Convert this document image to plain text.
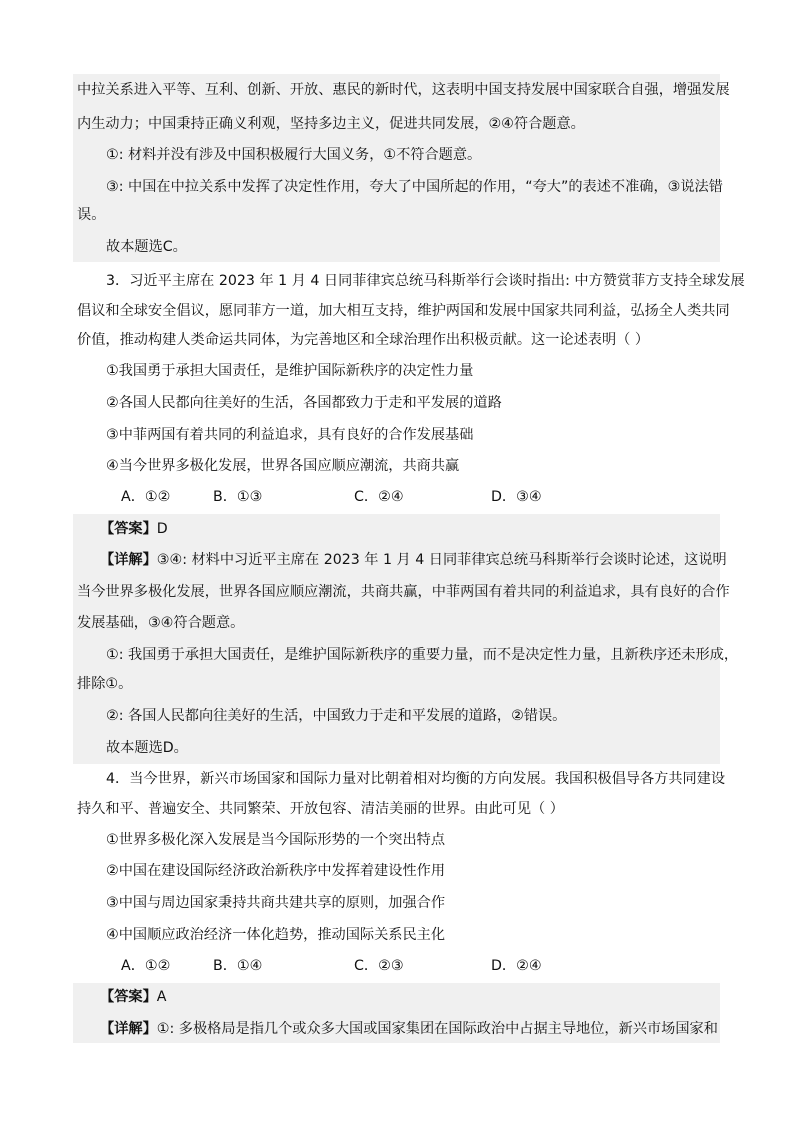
中拉关系进入平等、互利、创新、开放、惠民的新时代，这表明中国支持发展中国家联合自强，增强发展
内生动力；中国秉持正确义利观，坚持多边主义，促进共同发展，②④符合题意。
①: 材料并没有涉及中国积极履行大国义务，①不符合题意。
③: 中国在中拉关系中发挥了决定性作用，夸大了中国所起的作用，“夸大”的表述不准确，③说法错
误。
故本题选C。
3．习近平主席在 2023 年 1 月 4 日同菲律宾总统马科斯举行会谈时指出: 中方赞赏菲方支持全球发展
倡议和全球安全倡议，愿同菲方一道，加大相互支持，维护两国和发展中国家共同利益，弘扬全人类共同
价值，推动构建人类命运共同体，为完善地区和全球治理作出积极贡献。这一论述表明（ ）
①我国勇于承担大国责任，是维护国际新秩序的决定性力量
②各国人民都向往美好的生活，各国都致力于走和平发展的道路
③中菲两国有着共同的利益追求，具有良好的合作发展基础
④当今世界多极化发展，世界各国应顺应潮流，共商共赢
A．①②	B．①③	C．②④	D．③④
【答案】D
【详解】③④: 材料中习近平主席在 2023 年 1 月 4 日同菲律宾总统马科斯举行会谈时论述，这说明
当今世界多极化发展，世界各国应顺应潮流，共商共赢，中菲两国有着共同的利益追求，具有良好的合作
发展基础，③④符合题意。
①: 我国勇于承担大国责任，是维护国际新秩序的重要力量，而不是决定性力量，且新秩序还未形成，
排除①。
②: 各国人民都向往美好的生活，中国致力于走和平发展的道路，②错误。
故本题选D。
4．当今世界，新兴市场国家和国际力量对比朝着相对均衡的方向发展。我国积极倡导各方共同建设
持久和平、普遍安全、共同繁荣、开放包容、清洁美丽的世界。由此可见（ ）
①世界多极化深入发展是当今国际形势的一个突出特点
②中国在建设国际经济政治新秩序中发挥着建设性作用
③中国与周边国家秉持共商共建共享的原则，加强合作
④中国顺应政治经济一体化趋势，推动国际关系民主化
A．①②	B．①④	C．②③	D．②④
【答案】A
【详解】①: 多极格局是指几个或众多大国或国家集团在国际政治中占据主导地位，新兴市场国家和
